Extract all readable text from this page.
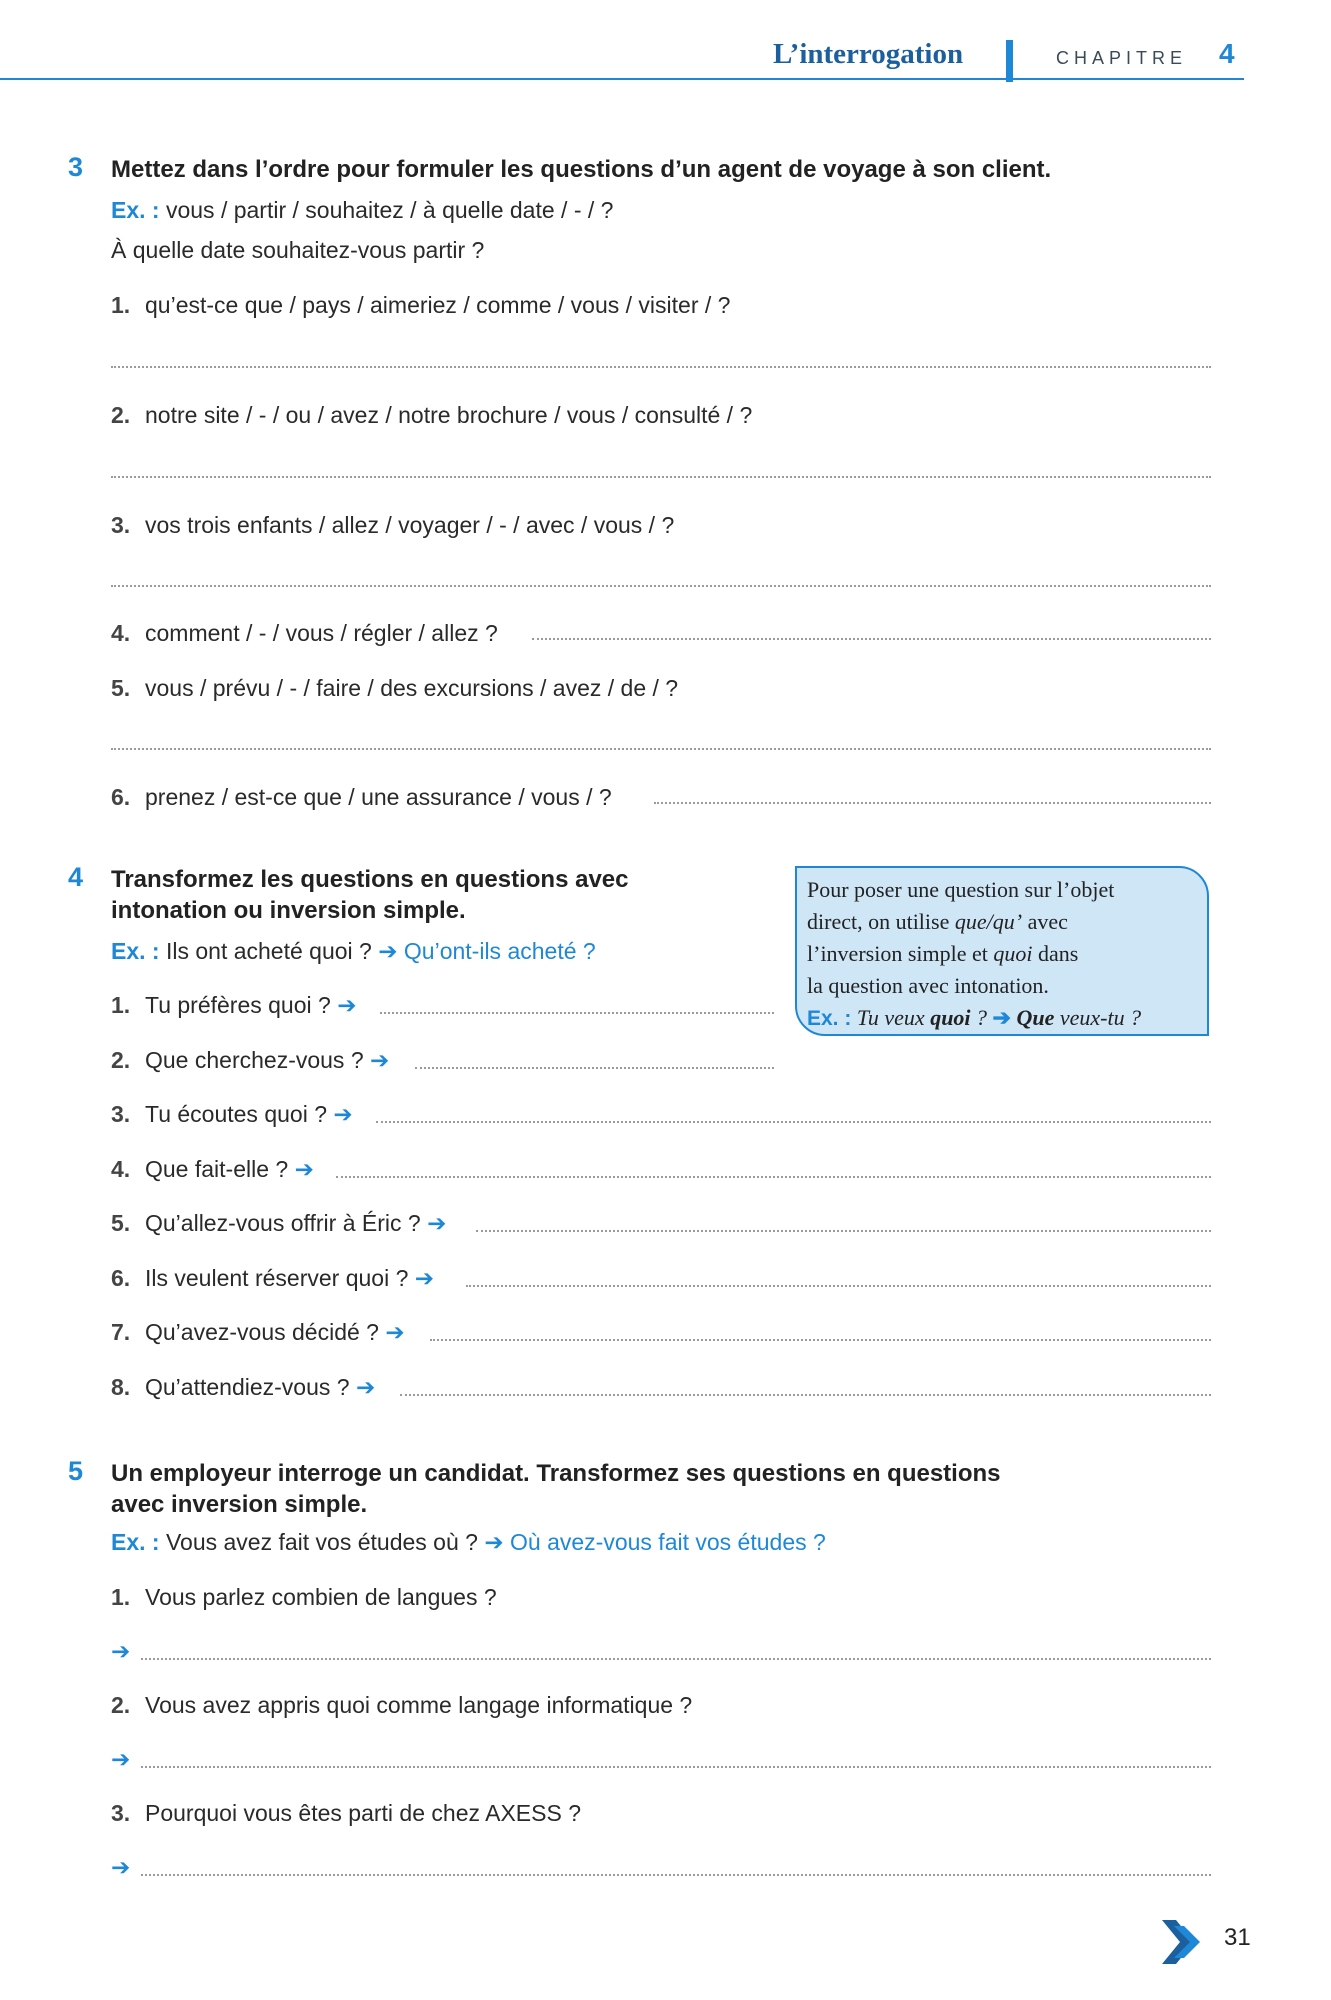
L’interrogation	CHAPITRE 4
3 Mettez dans l’ordre pour formuler les questions d’un agent de voyage à son client.
Ex. : vous / partir / souhaitez / à quelle date / - / ?
À quelle date souhaitez-vous partir ?
1. qu’est-ce que / pays / aimeriez / comme / vous / visiter / ?
2. notre site / - / ou / avez / notre brochure / vous / consulté / ?
3. vos trois enfants / allez / voyager / - / avec / vous / ?
4. comment / - / vous / régler / allez ?
5. vous / prévu / - / faire / des excursions / avez / de / ?
6. prenez / est-ce que / une assurance / vous / ?
4 Transformez les questions en questions avec
intonation ou inversion simple.
Ex. : Ils ont acheté quoi ? ➔ Qu’ont-ils acheté ?
Pour poser une question sur l’objet
direct, on utilise que/qu’ avec
l’inversion simple et quoi dans
la question avec intonation.
Ex. : Tu veux quoi ? ➔ Que veux-tu ?
1. Tu préfères quoi ? ➔
2. Que cherchez-vous ? ➔
3. Tu écoutes quoi ? ➔
4. Que fait-elle ? ➔
5. Qu’allez-vous offrir à Éric ? ➔
6. Ils veulent réserver quoi ? ➔
7. Qu’avez-vous décidé ? ➔
8. Qu’attendiez-vous ? ➔
5 Un employeur interroge un candidat. Transformez ses questions en questions
avec inversion simple.
Ex. : Vous avez fait vos études où ? ➔ Où avez-vous fait vos études ?
1. Vous parlez combien de langues ?
➔
2. Vous avez appris quoi comme langage informatique ?
➔
3. Pourquoi vous êtes parti de chez AXESS ?
➔
31
